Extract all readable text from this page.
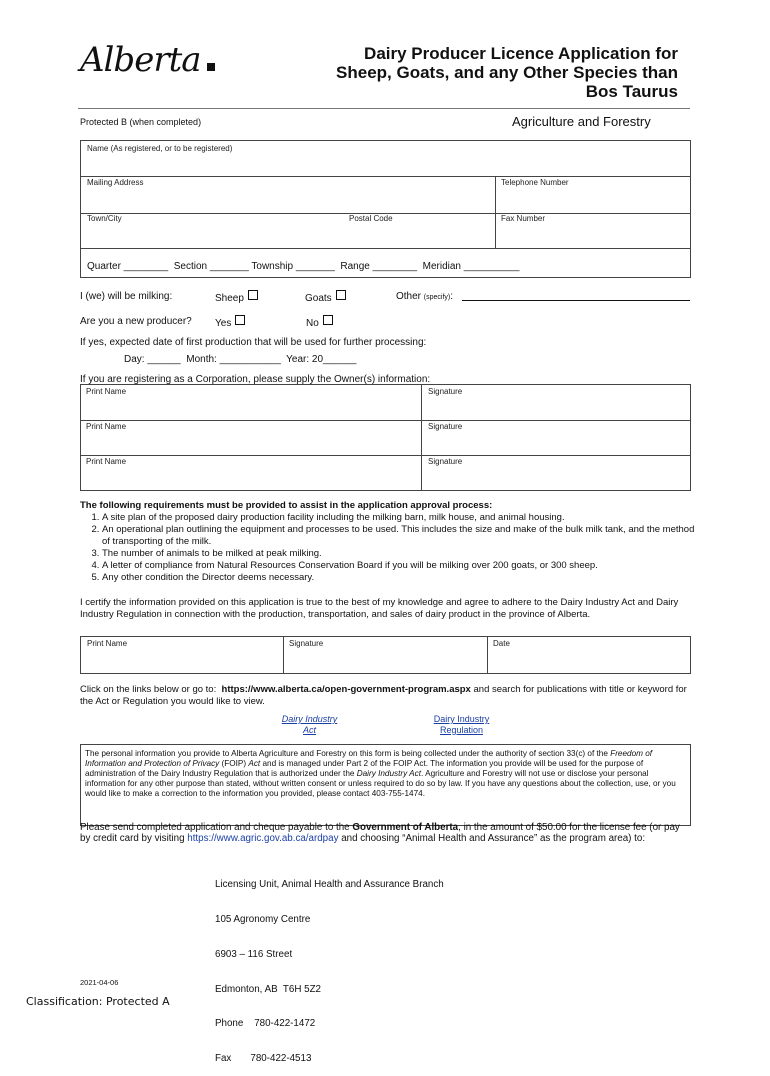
Alberta	Dairy Producer Licence Application for
Sheep, Goats, and any Other Species than
Bos Taurus
Protected B (when completed)	Agriculture and Forestry
Name (As registered, or to be registered)
Mailing Address	Telephone Number
Town/City	Postal Code	Fax Number
Quarter ________  Section _______ Township _______  Range ________  Meridian __________
I (we) will be milking:	Sheep	Goats	Other (specify):
Are you a new producer? Yes	No
If yes, expected date of first production that will be used for further processing:
Day: ______  Month: ___________  Year: 20______
If you are registering as a Corporation, please supply the Owner(s) information:
Print Name	Signature
Print Name	Signature
Print Name	Signature
The following requirements must be provided to assist in the application approval process:
1. A site plan of the proposed dairy production facility including the milking barn, milk house, and animal housing.
2. An operational plan outlining the equipment and processes to be used. This includes the size and make of the bulk milk tank, and the method of transporting of the milk.
3. The number of animals to be milked at peak milking.
4. A letter of compliance from Natural Resources Conservation Board if you will be milking over 200 goats, or 300 sheep.
5. Any other condition the Director deems necessary.
I certify the information provided on this application is true to the best of my knowledge and agree to adhere to the Dairy Industry Act and Dairy Industry Regulation in connection with the production, transportation, and sales of dairy product in the province of Alberta.
Print Name	Signature	Date
Click on the links below or go to:  https://www.alberta.ca/open-government-program.aspx and search for publications with title or keyword for the Act or Regulation you would like to view.
Dairy Industry
Act
Dairy Industry
Regulation
The personal information you provide to Alberta Agriculture and Forestry on this form is being collected under the authority of section 33(c) of the Freedom of Information and Protection of Privacy (FOIP) Act and is managed under Part 2 of the FOIP Act. The information you provide will be used for the purpose of administration of the Dairy Industry Regulation that is authorized under the Dairy Industry Act. Agriculture and Forestry will not use or disclose your personal information for any other purpose than stated, without written consent or unless required to do so by law. If you have any questions about the collection, use, or you would like to make a correction to the information you provided, please contact 403-755-1474.
Please send completed application and cheque payable to the Government of Alberta, in the amount of $50.00 for the license fee (or pay by credit card by visiting https://www.agric.gov.ab.ca/ardpay and choosing “Animal Health and Assurance” as the program area) to:

Licensing Unit, Animal Health and Assurance Branch

105 Agronomy Centre

6903 – 116 Street

Edmonton, AB  T6H 5Z2

Phone    780-422-1472

Fax       780-422-4513

2021-04-06
Classification: Protected A
